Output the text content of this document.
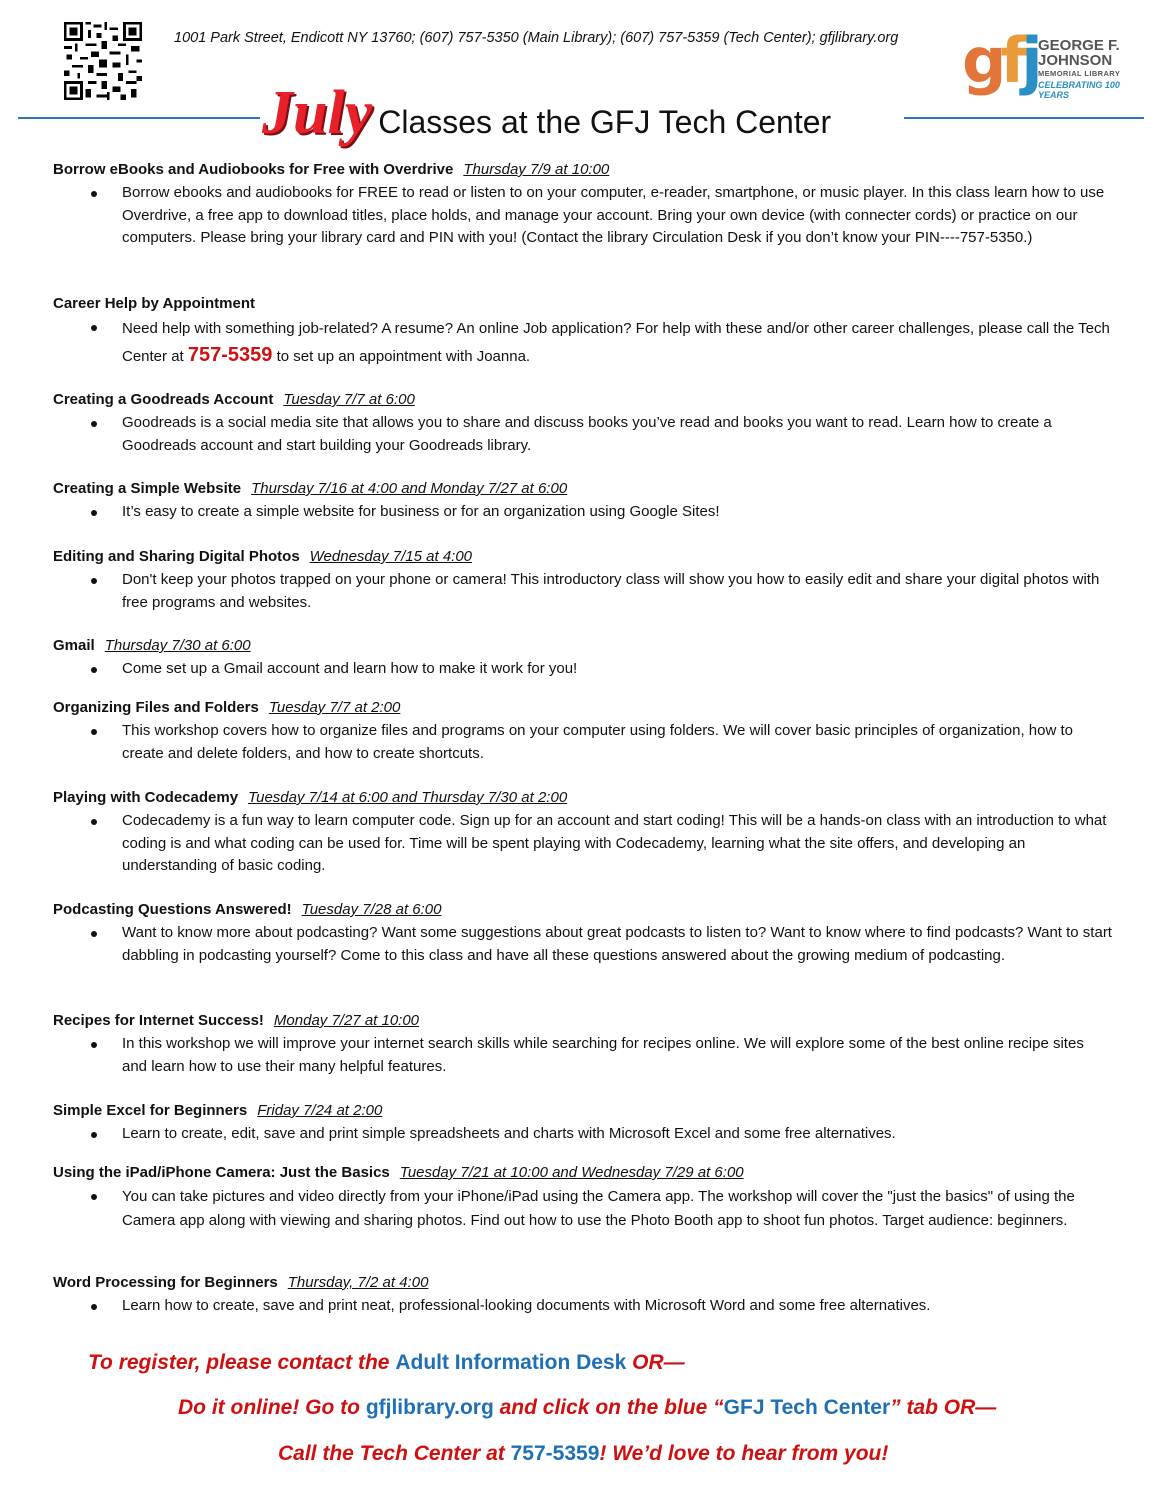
1001 Park Street, Endicott NY 13760; (607) 757-5350 (Main Library); (607) 757-5359 (Tech Center); gfjlibrary.org gfj GEORGE F.
JOHNSON
MEMORIAL LIBRARY
CELEBRATING 100 YEARS
July Classes at the GFJ Tech Center
Borrow eBooks and Audiobooks for Free with Overdrive Thursday 7/9 at 10:00
Borrow ebooks and audiobooks for FREE to read or listen to on your computer, e-reader, smartphone, or music player. In this class learn how to use Overdrive, a free app to download titles, place holds, and manage your account. Bring your own device (with connecter cords) or practice on our computers. Please bring your library card and PIN with you! (Contact the library Circulation Desk if you don’t know your PIN----757-5350.)
Career Help by Appointment
Need help with something job-related? A resume? An online Job application? For help with these and/or other career challenges, please call the Tech Center at 757-5359 to set up an appointment with Joanna.
Creating a Goodreads Account Tuesday 7/7 at 6:00
Goodreads is a social media site that allows you to share and discuss books you’ve read and books you want to read. Learn how to create a Goodreads account and start building your Goodreads library.
Creating a Simple Website Thursday 7/16 at 4:00 and Monday 7/27 at 6:00
It’s easy to create a simple website for business or for an organization using Google Sites!
Editing and Sharing Digital Photos Wednesday 7/15 at 4:00
Don't keep your photos trapped on your phone or camera! This introductory class will show you how to easily edit and share your digital photos with free programs and websites.
Gmail Thursday 7/30 at 6:00
Come set up a Gmail account and learn how to make it work for you!
Organizing Files and Folders Tuesday 7/7 at 2:00
This workshop covers how to organize files and programs on your computer using folders. We will cover basic principles of organization, how to create and delete folders, and how to create shortcuts.
Playing with Codecademy Tuesday 7/14 at 6:00 and Thursday 7/30 at 2:00
Codecademy is a fun way to learn computer code. Sign up for an account and start coding! This will be a hands-on class with an introduction to what coding is and what coding can be used for. Time will be spent playing with Codecademy, learning what the site offers, and developing an understanding of basic coding.
Podcasting Questions Answered! Tuesday 7/28 at 6:00
Want to know more about podcasting? Want some suggestions about great podcasts to listen to? Want to know where to find podcasts? Want to start dabbling in podcasting yourself? Come to this class and have all these questions answered about the growing medium of podcasting.
Recipes for Internet Success! Monday 7/27 at 10:00
In this workshop we will improve your internet search skills while searching for recipes online. We will explore some of the best online recipe sites and learn how to use their many helpful features.
Simple Excel for Beginners Friday 7/24 at 2:00
Learn to create, edit, save and print simple spreadsheets and charts with Microsoft Excel and some free alternatives.
Using the iPad/iPhone Camera: Just the Basics Tuesday 7/21 at 10:00 and Wednesday 7/29 at 6:00
You can take pictures and video directly from your iPhone/iPad using the Camera app. The workshop will cover the "just the basics" of using the Camera app along with viewing and sharing photos. Find out how to use the Photo Booth app to shoot fun photos. Target audience: beginners.
Word Processing for Beginners Thursday, 7/2 at 4:00
Learn how to create, save and print neat, professional-looking documents with Microsoft Word and some free alternatives.
To register, please contact the Adult Information Desk OR—
Do it online! Go to gfjlibrary.org and click on the blue “GFJ Tech Center” tab OR—
Call the Tech Center at 757-5359! We’d love to hear from you!
